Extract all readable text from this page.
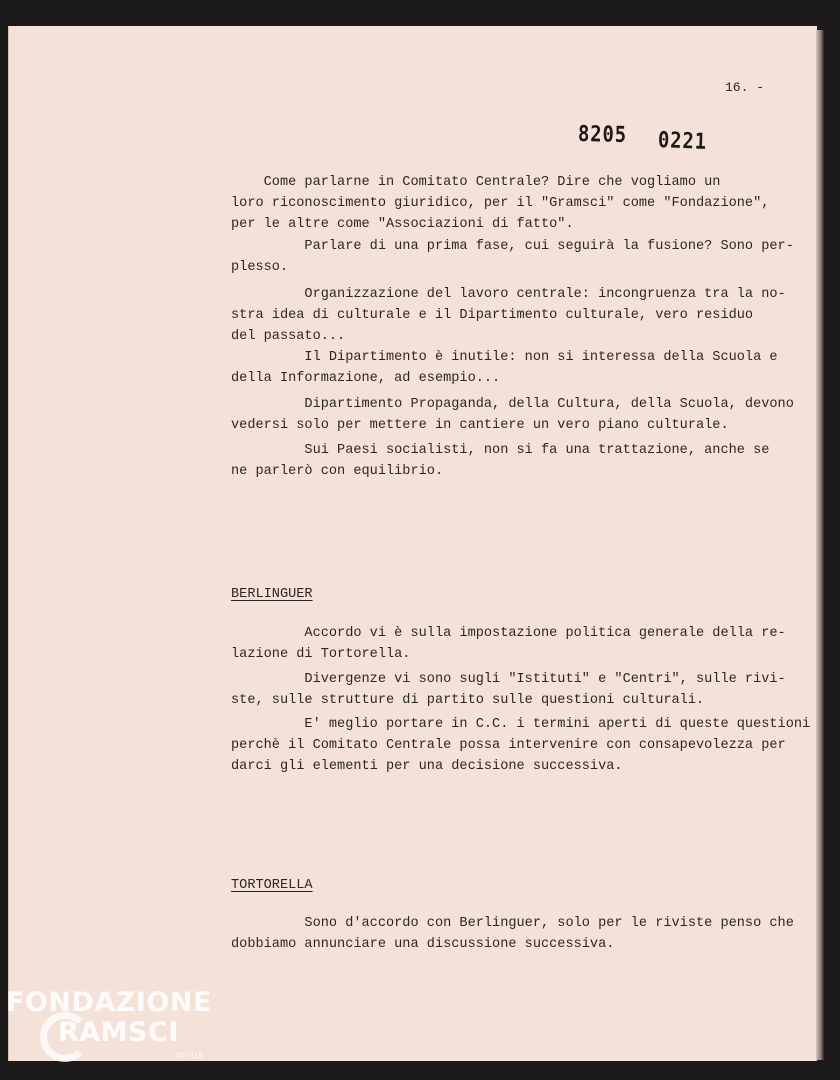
16. -
8205 0221

Come parlarne in Comitato Centrale? Dire che vogliamo un
loro riconoscimento giuridico, per il "Gramsci" come "Fondazione",
per le altre come "Associazioni di fatto".

Parlare di una prima fase, cui seguirà la fusione? Sono per-
plesso.

Organizzazione del lavoro centrale: incongruenza tra la no-
stra idea di culturale e il Dipartimento culturale, vero residuo
del passato...

Il Dipartimento è inutile: non si interessa della Scuola e
della Informazione, ad esempio...

Dipartimento Propaganda, della Cultura, della Scuola, devono
vedersi solo per mettere in cantiere un vero piano culturale.

Sui Paesi socialisti, non si fa una trattazione, anche se
ne parlerò con equilibrio.

BERLINGUER

Accordo vi è sulla impostazione politica generale della re-
lazione di Tortorella.

Divergenze vi sono sugli "Istituti" e "Centri", sulle rivi-
ste, sulle strutture di partito sulle questioni culturali.

E' meglio portare in C.C. i termini aperti di queste questioni
perchè il Comitato Centrale possa intervenire con consapevolezza per
darci gli elementi per una decisione successiva.

TORTORELLA

Sono d'accordo con Berlinguer, solo per le riviste penso che
dobbiamo annunciare una discussione successiva.

FONDAZIONE
RAMSCI
onlus
